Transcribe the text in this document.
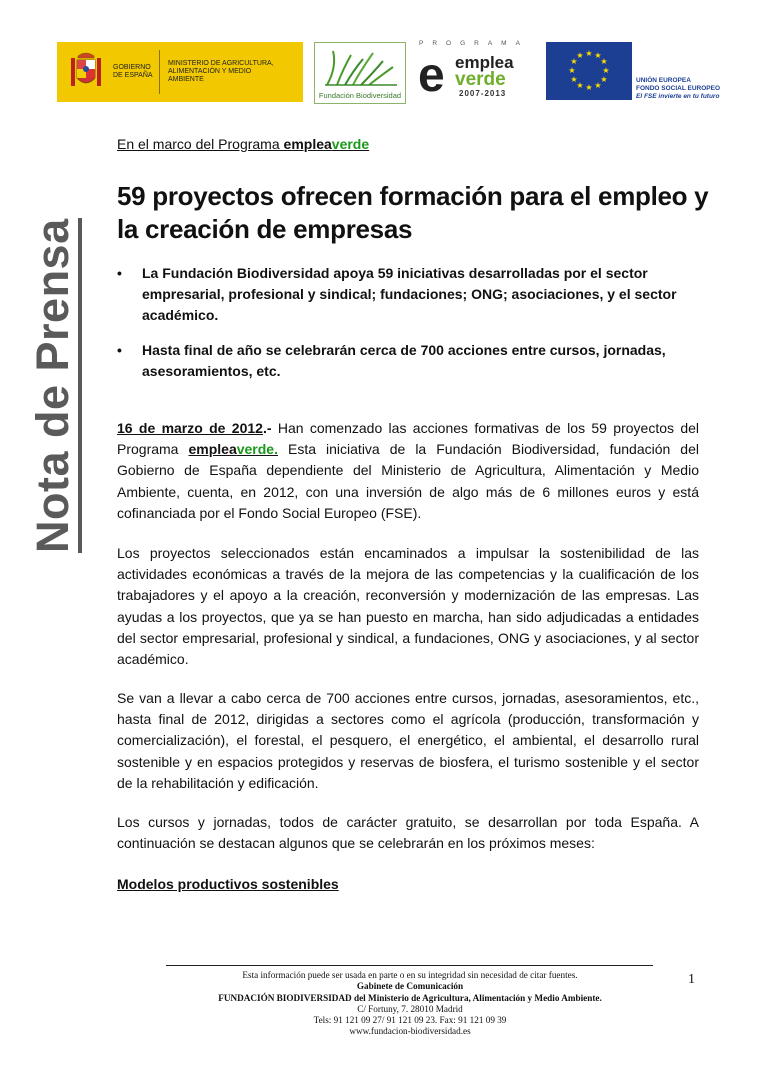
GOBIERNO DE ESPAÑA
MINISTERIO DE AGRICULTURA, ALIMENTACIÓN Y MEDIO AMBIENTE
Fundación Biodiversidad
PROGRAMA
e emplea
verde
2007-2013
★ ★
★
★
★
★
★
★
★
★
★
★
UNIÓN EUROPEA
FONDO SOCIAL EUROPEO
El FSE invierte en tu futuro
Nota de Prensa
En el marco del Programa empleaverde
59 proyectos ofrecen formación para el empleo y la creación de empresas
• La Fundación Biodiversidad apoya 59 iniciativas desarrolladas por el sector empresarial, profesional y sindical; fundaciones; ONG; asociaciones, y el sector académico.
• Hasta final de año se celebrarán cerca de 700 acciones entre cursos, jornadas, asesoramientos, etc.

16 de marzo de 2012.- Han comenzado las acciones formativas de los 59 proyectos del Programa empleaverde. Esta iniciativa de la Fundación Biodiversidad, fundación del Gobierno de España dependiente del Ministerio de Agricultura, Alimentación y Medio Ambiente, cuenta, en 2012, con una inversión de algo más de 6 millones euros y está cofinanciada por el Fondo Social Europeo (FSE).

Los proyectos seleccionados están encaminados a impulsar la sostenibilidad de las actividades económicas a través de la mejora de las competencias y la cualificación de los trabajadores y el apoyo a la creación, reconversión y modernización de las empresas. Las ayudas a los proyectos, que ya se han puesto en marcha, han sido adjudicadas a entidades del sector empresarial, profesional y sindical, a fundaciones, ONG y asociaciones, y al sector académico.

Se van a llevar a cabo cerca de 700 acciones entre cursos, jornadas, asesoramientos, etc., hasta final de 2012, dirigidas a sectores como el agrícola (producción, transformación y comercialización), el forestal, el pesquero, el energético, el ambiental, el desarrollo rural sostenible y en espacios protegidos y reservas de biosfera, el turismo sostenible y el sector de la rehabilitación y edificación.

Los cursos y jornadas, todos de carácter gratuito, se desarrollan por toda España. A continuación se destacan algunos que se celebrarán en los próximos meses:

Modelos productivos sostenibles
Esta información puede ser usada en parte o en su integridad sin necesidad de citar fuentes.
Gabinete de Comunicación
FUNDACIÓN BIODIVERSIDAD del Ministerio de Agricultura, Alimentación y Medio Ambiente.
C/ Fortuny, 7. 28010 Madrid
Tels: 91 121 09 27/ 91 121 09 23. Fax: 91 121 09 39
www.fundacion-biodiversidad.es
1
